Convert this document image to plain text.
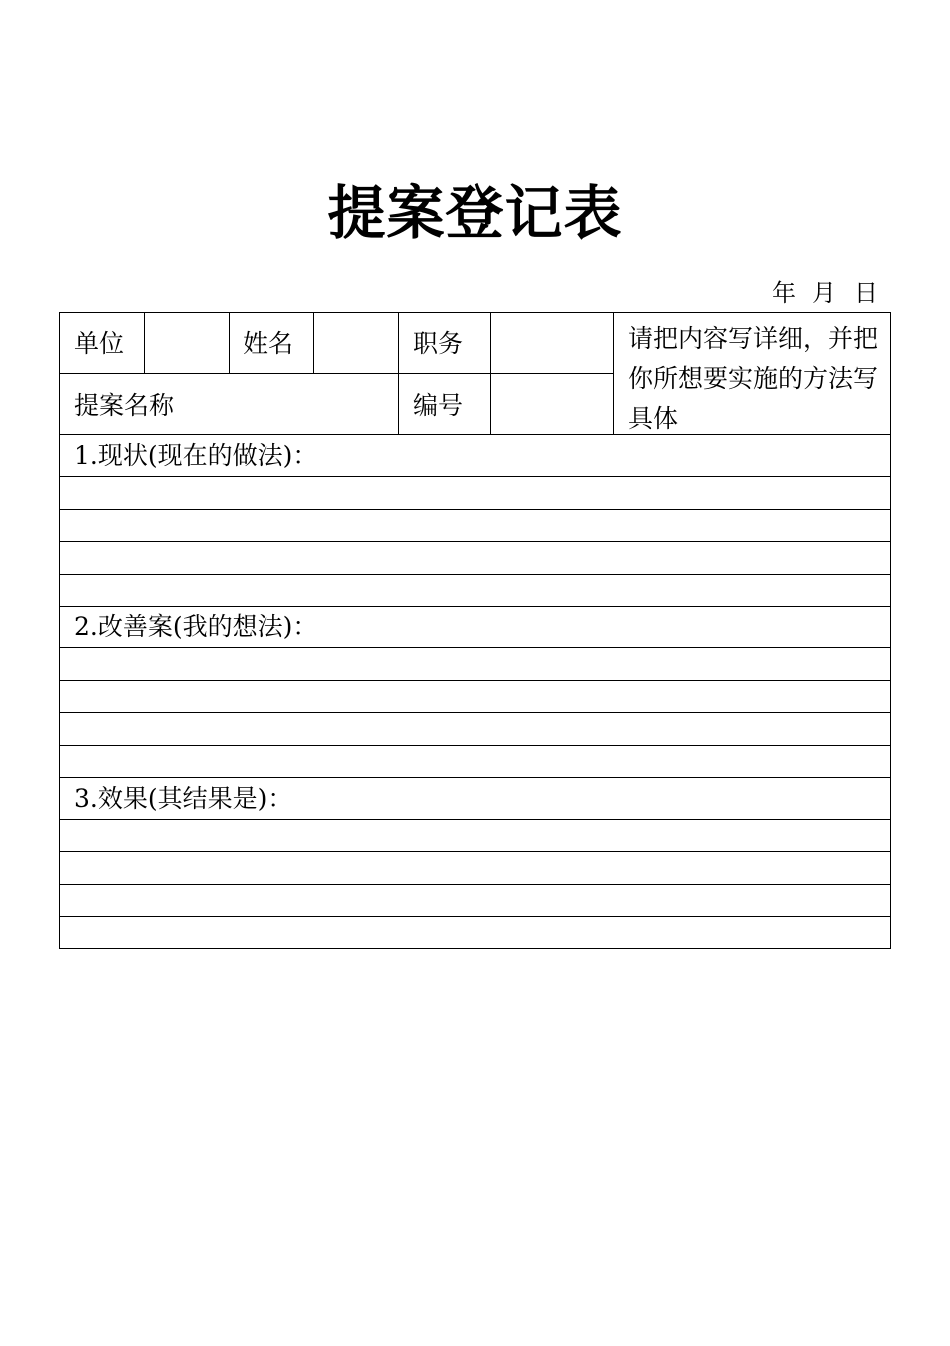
提案登记表
年 月 日
单位	姓名	职务
提案名称	编号
请把内容写详细，并把你所想要实施的方法写具体
1.现状(现在的做法)：
2.改善案(我的想法)：
3.效果(其结果是)：
